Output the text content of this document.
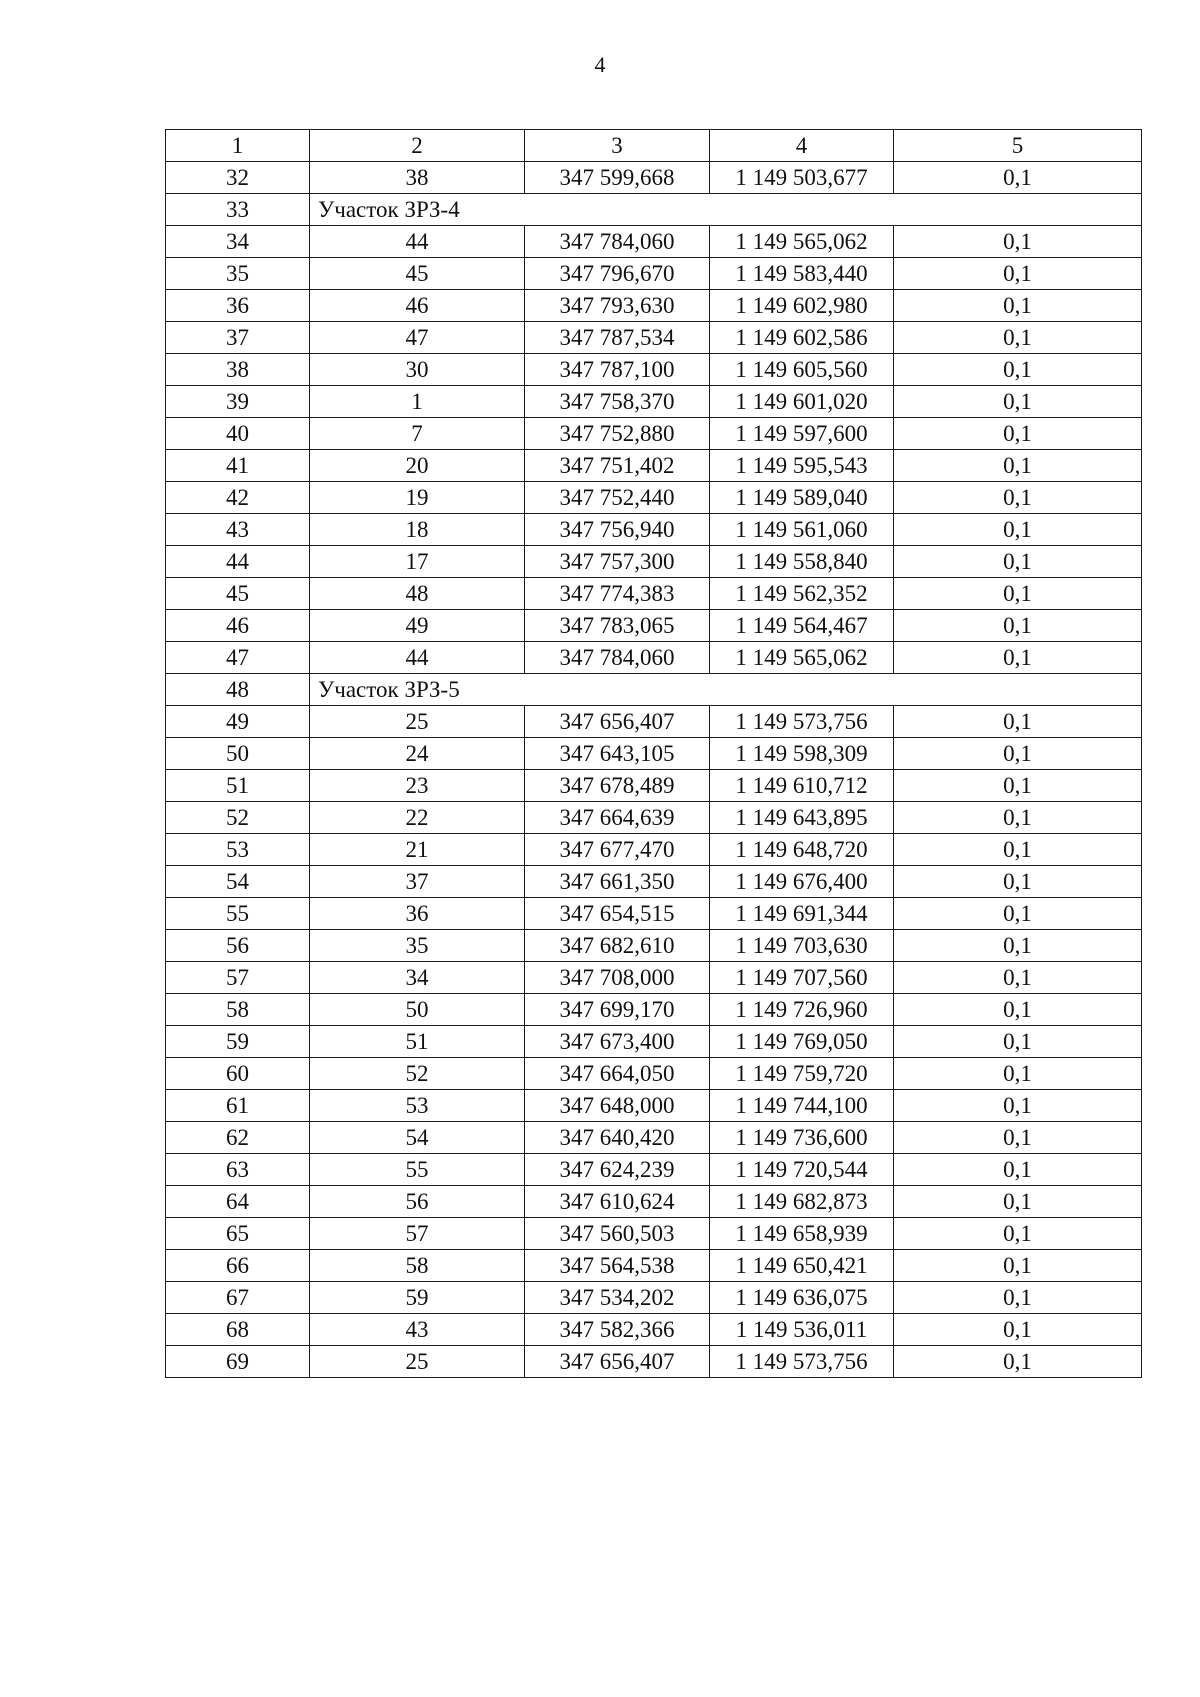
4
1	2	3	4	5
32	38	347 599,668	1 149 503,677	0,1
33	Участок ЗРЗ-4			
34	44	347 784,060	1 149 565,062	0,1
35	45	347 796,670	1 149 583,440	0,1
36	46	347 793,630	1 149 602,980	0,1
37	47	347 787,534	1 149 602,586	0,1
38	30	347 787,100	1 149 605,560	0,1
39	1	347 758,370	1 149 601,020	0,1
40	7	347 752,880	1 149 597,600	0,1
41	20	347 751,402	1 149 595,543	0,1
42	19	347 752,440	1 149 589,040	0,1
43	18	347 756,940	1 149 561,060	0,1
44	17	347 757,300	1 149 558,840	0,1
45	48	347 774,383	1 149 562,352	0,1
46	49	347 783,065	1 149 564,467	0,1
47	44	347 784,060	1 149 565,062	0,1
48	Участок ЗРЗ-5			
49	25	347 656,407	1 149 573,756	0,1
50	24	347 643,105	1 149 598,309	0,1
51	23	347 678,489	1 149 610,712	0,1
52	22	347 664,639	1 149 643,895	0,1
53	21	347 677,470	1 149 648,720	0,1
54	37	347 661,350	1 149 676,400	0,1
55	36	347 654,515	1 149 691,344	0,1
56	35	347 682,610	1 149 703,630	0,1
57	34	347 708,000	1 149 707,560	0,1
58	50	347 699,170	1 149 726,960	0,1
59	51	347 673,400	1 149 769,050	0,1
60	52	347 664,050	1 149 759,720	0,1
61	53	347 648,000	1 149 744,100	0,1
62	54	347 640,420	1 149 736,600	0,1
63	55	347 624,239	1 149 720,544	0,1
64	56	347 610,624	1 149 682,873	0,1
65	57	347 560,503	1 149 658,939	0,1
66	58	347 564,538	1 149 650,421	0,1
67	59	347 534,202	1 149 636,075	0,1
68	43	347 582,366	1 149 536,011	0,1
69	25	347 656,407	1 149 573,756	0,1
